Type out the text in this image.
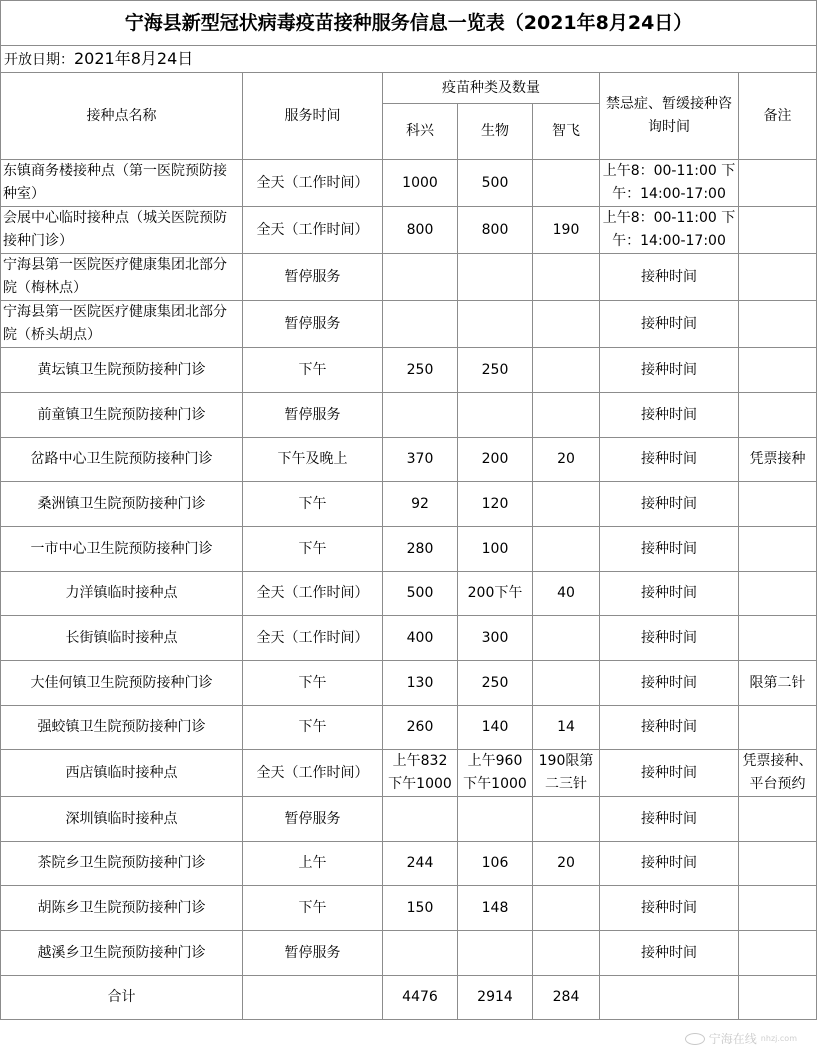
宁海县新型冠状病毒疫苗接种服务信息一览表（2021年8月24日）						
开放日期：2021年8月24日						
接种点名称	服务时间	疫苗种类及数量			禁忌症、暂缓接种咨询时间	备注
		科兴	生物	智飞		
东镇商务楼接种点（第一医院预防接种室）	全天（工作时间）	1000	500		上午8：00-11:00 下午：14:00-17:00	
会展中心临时接种点（城关医院预防接种门诊）	全天（工作时间）	800	800	190	上午8：00-11:00 下午：14:00-17:00	
宁海县第一医院医疗健康集团北部分院（梅林点）	暂停服务				接种时间	
宁海县第一医院医疗健康集团北部分院（桥头胡点）	暂停服务				接种时间	
黄坛镇卫生院预防接种门诊	下午	250	250		接种时间	
前童镇卫生院预防接种门诊	暂停服务				接种时间	
岔路中心卫生院预防接种门诊	下午及晚上	370	200	20	接种时间	凭票接种
桑洲镇卫生院预防接种门诊	下午	92	120		接种时间	
一市中心卫生院预防接种门诊	下午	280	100		接种时间	
力洋镇临时接种点	全天（工作时间）	500	200下午	40	接种时间	
长街镇临时接种点	全天（工作时间）	400	300		接种时间	
大佳何镇卫生院预防接种门诊	下午	130	250		接种时间	限第二针
强蛟镇卫生院预防接种门诊	下午	260	140	14	接种时间	
西店镇临时接种点	全天（工作时间）	上午832 下午1000	上午960 下午1000	190限第二三针	接种时间	凭票接种、平台预约
深圳镇临时接种点	暂停服务				接种时间	
茶院乡卫生院预防接种门诊	上午	244	106	20	接种时间	
胡陈乡卫生院预防接种门诊	下午	150	148		接种时间	
越溪乡卫生院预防接种门诊	暂停服务				接种时间	
合计		4476	2914	284		
宁海在线 nhzj.com
